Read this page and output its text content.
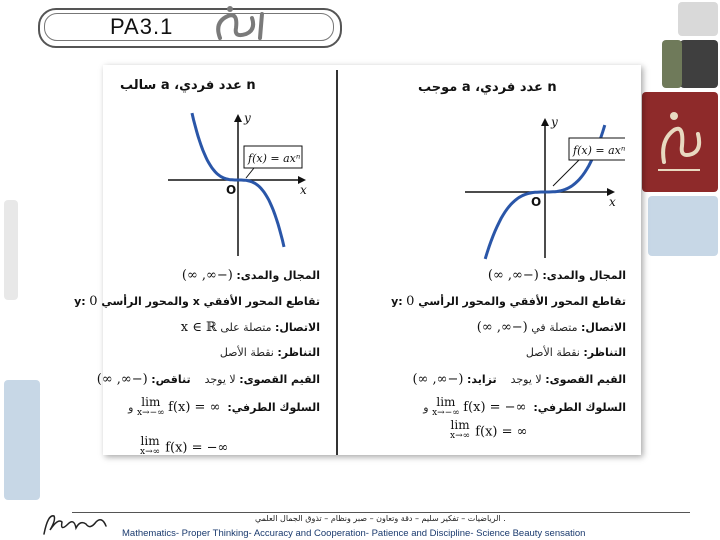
PA3.1
n عدد فردي، a موجب
y
x
O
f(x) = axⁿ
المجال والمدى: (−∞, ∞)
تقاطع المحور الأفقي والمحور الرأسي y: 0
الاتصال: متصلة في (−∞, ∞)
التناظر: نقطة الأصل
القيم القصوى: لا يوجد    تزايد: (−∞, ∞)
السلوك الطرفي: lim
x→−∞ f(x) = −∞  و
lim
x→∞ f(x) = ∞
n عدد فردي، a سالب
y
x
O
f(x) = axⁿ
المجال والمدى: (−∞, ∞)
تقاطع المحور الأفقي x والمحور الرأسي y: 0
الاتصال: متصلة على x ∈ ℝ
التناظر: نقطة الأصل
القيم القصوى: لا يوجد    تناقص: (−∞, ∞)
السلوك الطرفي: lim
x→−∞ f(x) = ∞  و
lim
x→∞ f(x) = −∞
. الرياضيات – تفكير سليم – دقة وتعاون – صبر ونظام – تذوق الجمال العلمي
Mathematics- Proper Thinking- Accuracy and Cooperation- Patience and Discipline- Science Beauty sensation
